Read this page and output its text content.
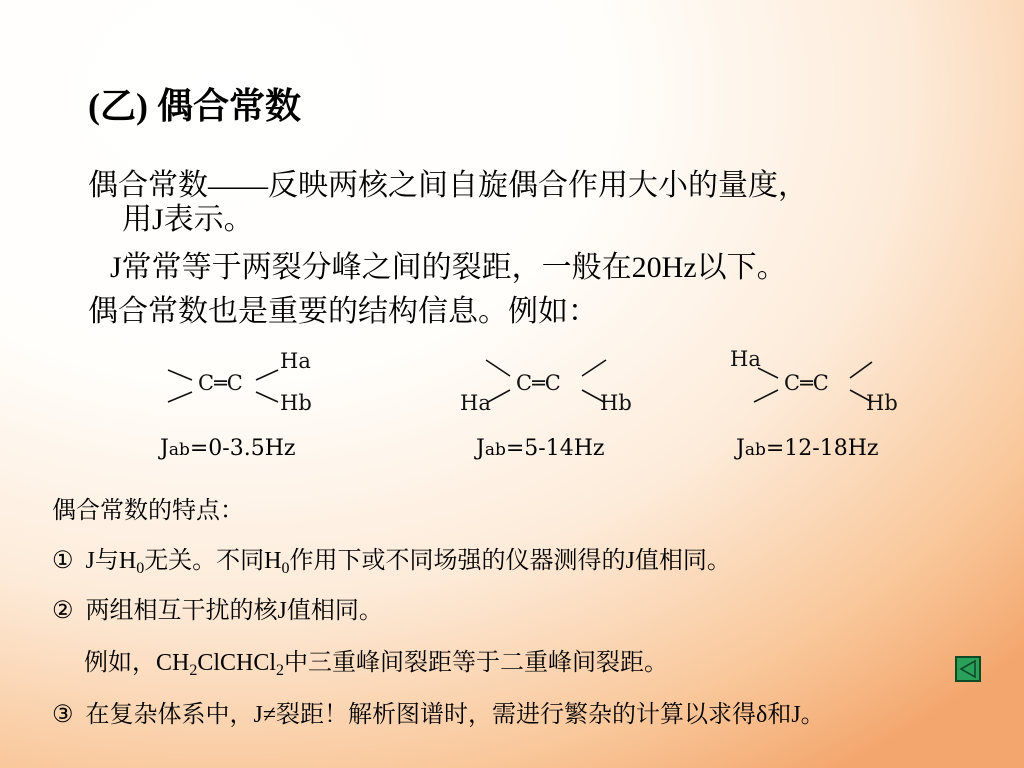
(乙) 偶合常数
偶合常数——反映两核之间自旋偶合作用大小的量度，
用J表示。
J常常等于两裂分峰之间的裂距，一般在20Hz以下。
偶合常数也是重要的结构信息。例如：
C═C
Ha
Hb
Jab=0-3.5Hz
C═C
Ha	Hb
Jab=5-14Hz
C═C
Ha
Hb
Jab=12-18Hz
偶合常数的特点：
① J与$H_0$无关。不同$H_0$作用下或不同场强的仪器测得的J值相同。
② 两组相互干扰的核J值相同。
例如，$CH_2ClCHCl_2$中三重峰间裂距等于二重峰间裂距。
③ 在复杂体系中，J≠裂距！解析图谱时，需进行繁杂的计算以求得δ和J。
